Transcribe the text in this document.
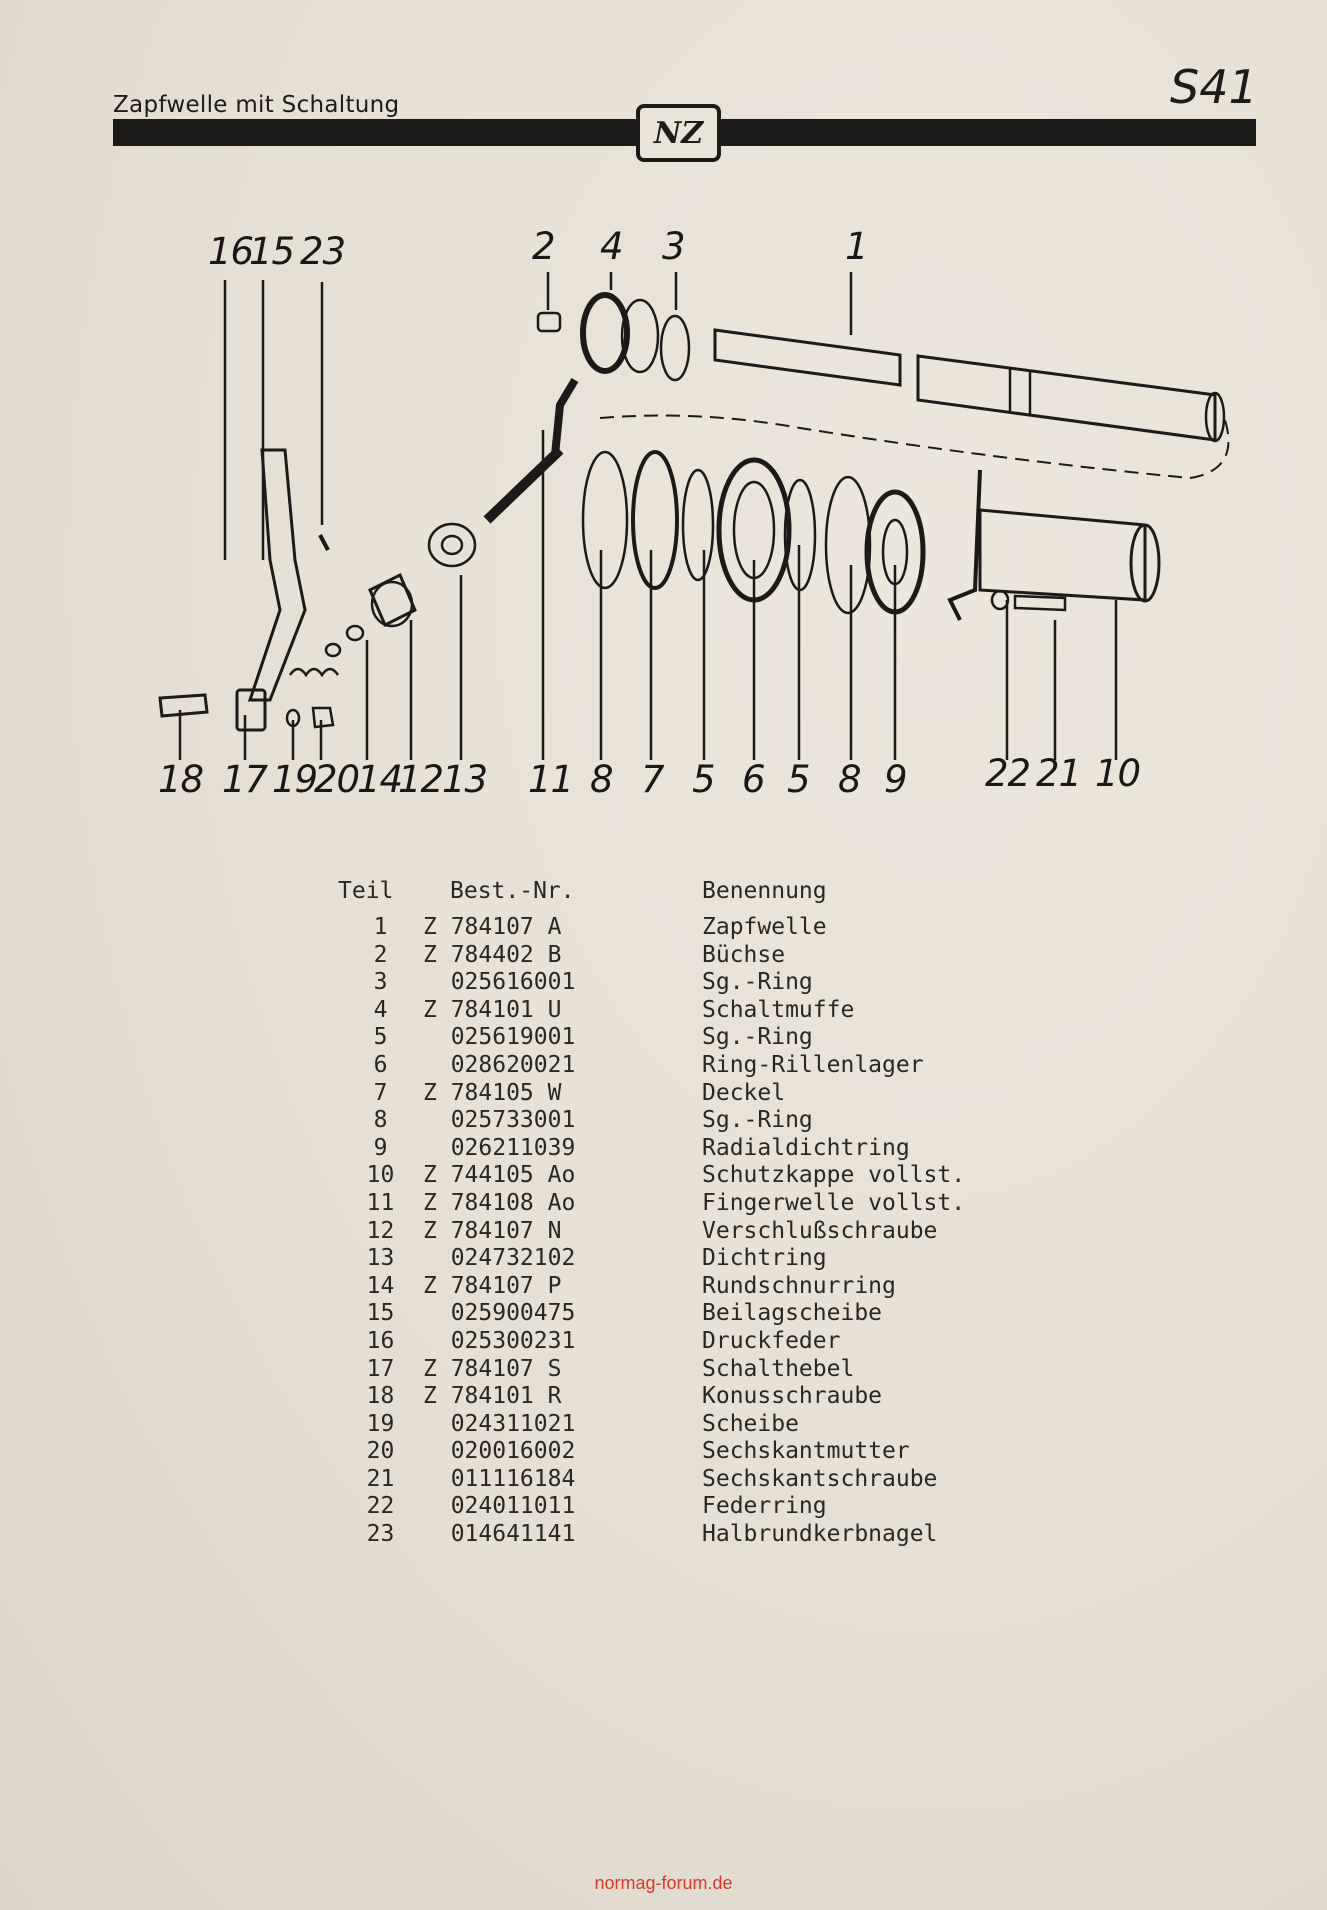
Zapfwelle mit Schaltung	S41
NZ
16
15 23	2 4 3	1
18 17 19
20
14
12
13 11 8 7 5 6 5 8 9 22 21 10
Teil	Best.-Nr.	Benennung
1	Z 784107 A	Zapfwelle
2	Z 784402 B	Büchse
3	025616001	Sg.-Ring
4	Z 784101 U	Schaltmuffe
5	025619001	Sg.-Ring
6	028620021	Ring-Rillenlager
7	Z 784105 W	Deckel
8	025733001	Sg.-Ring
9	026211039	Radialdichtring
10	Z 744105 Ao	Schutzkappe vollst.
11	Z 784108 Ao	Fingerwelle vollst.
12	Z 784107 N	Verschlußschraube
13	024732102	Dichtring
14	Z 784107 P	Rundschnurring
15	025900475	Beilagscheibe
16	025300231	Druckfeder
17	Z 784107 S	Schalthebel
18	Z 784101 R	Konusschraube
19	024311021	Scheibe
20	020016002	Sechskantmutter
21	011116184	Sechskantschraube
22	024011011	Federring
23	014641141	Halbrundkerbnagel
normag-forum.de
